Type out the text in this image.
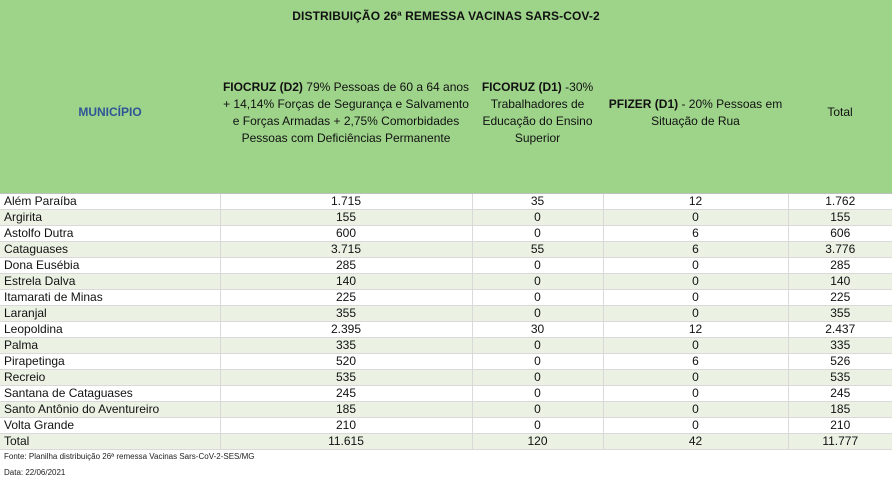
DISTRIBUIÇÃO 26ª REMESSA VACINAS SARS-COV-2				
MUNICÍPIO	FIOCRUZ (D2) 79% Pessoas de 60 a 64 anos + 14,14% Forças de Segurança e Salvamento e Forças Armadas + 2,75% Comorbidades Pessoas com Deficiências Permanente	FICORUZ (D1) -30% Trabalhadores de Educação do Ensino Superior	PFIZER (D1) - 20% Pessoas em Situação de Rua	Total
Além Paraíba	1.715	35	12	1.762
Argirita	155	0	0	155
Astolfo Dutra	600	0	6	606
Cataguases	3.715	55	6	3.776
Dona Eusébia	285	0	0	285
Estrela Dalva	140	0	0	140
Itamarati de Minas	225	0	0	225
Laranjal	355	0	0	355
Leopoldina	2.395	30	12	2.437
Palma	335	0	0	335
Pirapetinga	520	0	6	526
Recreio	535	0	0	535
Santana de Cataguases	245	0	0	245
Santo Antônio do Aventureiro	185	0	0	185
Volta Grande	210	0	0	210
Total	11.615	120	42	11.777
Fonte: Planilha distribuição 26ª remessa Vacinas Sars-CoV-2-SES/MG
Data: 22/06/2021
